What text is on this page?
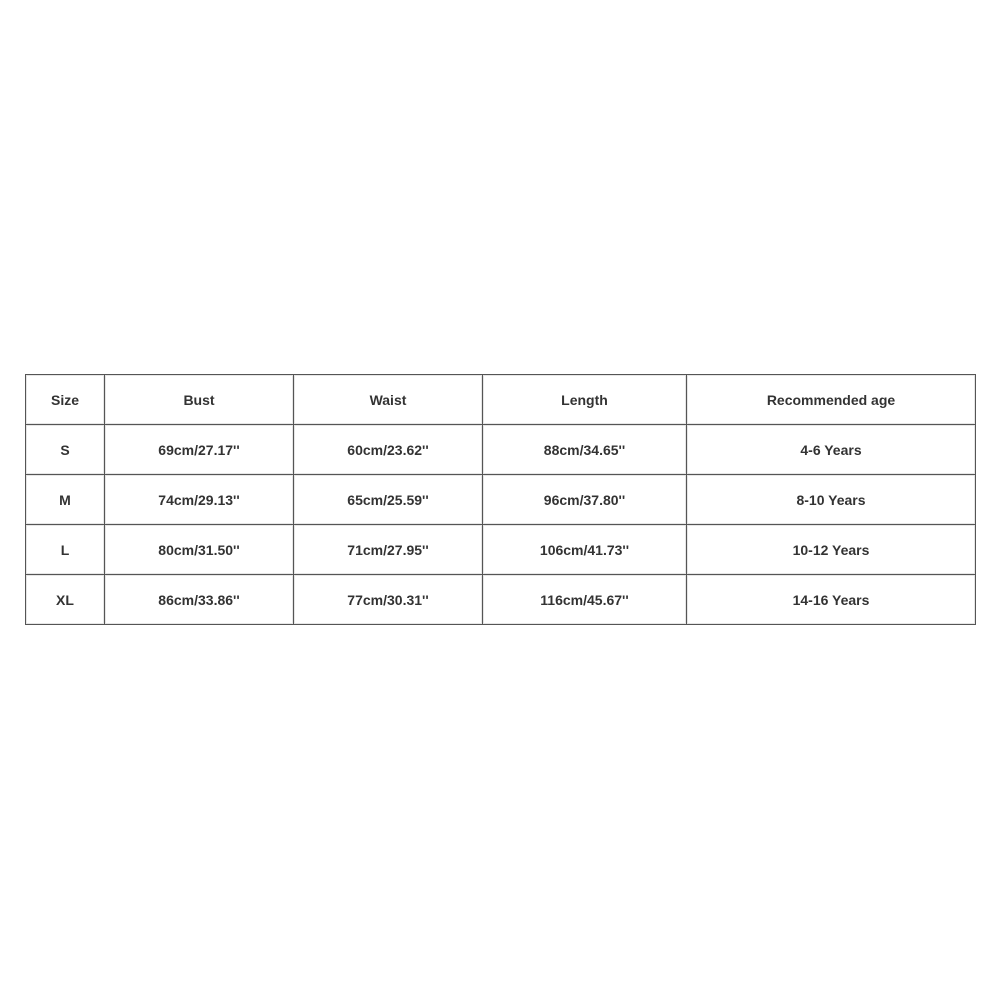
Size	Bust	Waist	Length	Recommended age
S	69cm/27.17''	60cm/23.62''	88cm/34.65''	4-6 Years
M	74cm/29.13''	65cm/25.59''	96cm/37.80''	8-10 Years
L	80cm/31.50''	71cm/27.95''	106cm/41.73''	10-12 Years
XL	86cm/33.86''	77cm/30.31''	116cm/45.67''	14-16 Years
